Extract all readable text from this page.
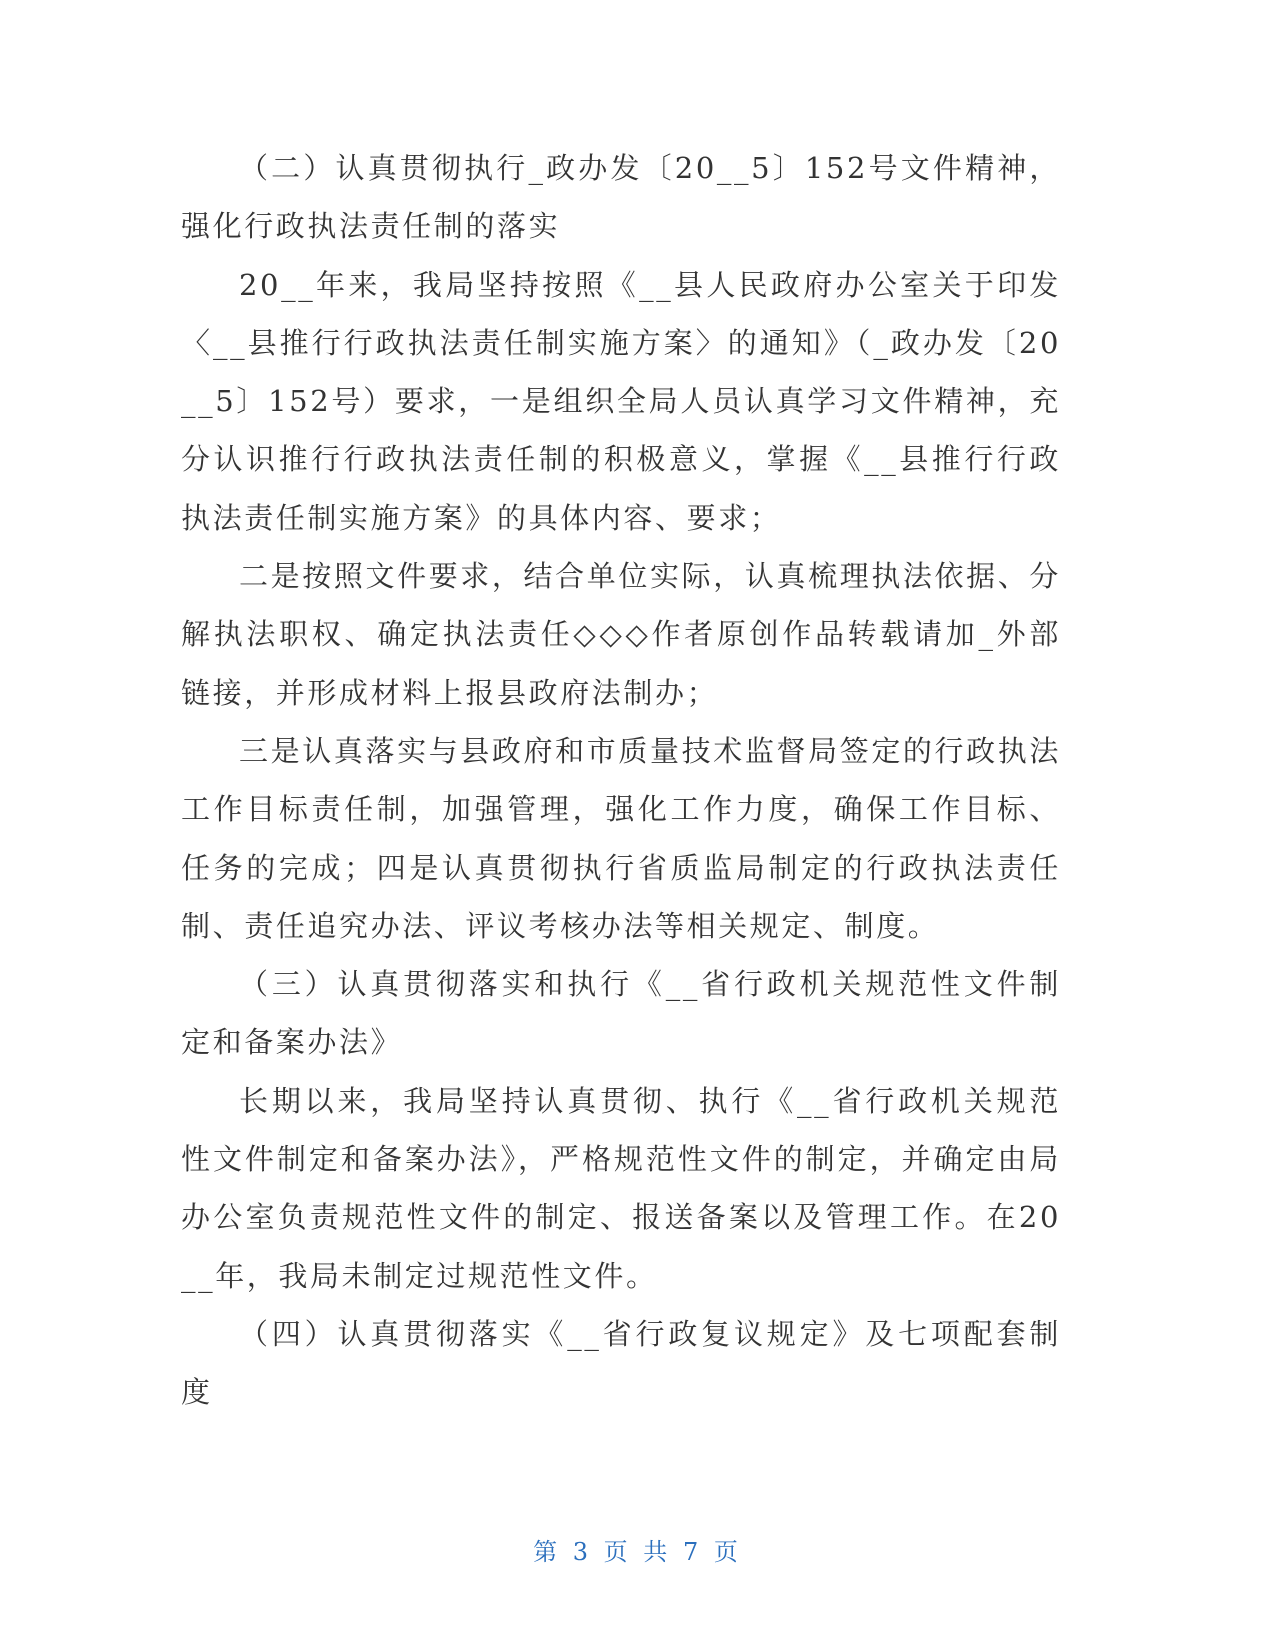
（二）认真贯彻执行_政办发〔20__5〕152号文件精神，强化行政执法责任制的落实

20__年来，我局坚持按照《__县人民政府办公室关于印发〈__县推行行政执法责任制实施方案〉的通知》（_政办发〔20__5〕152号）要求，一是组织全局人员认真学习文件精神，充分认识推行行政执法责任制的积极意义，掌握《__县推行行政执法责任制实施方案》的具体内容、要求；

二是按照文件要求，结合单位实际，认真梳理执法依据、分解执法职权、确定执法责任◇◇◇作者原创作品转载请加_外部链接，并形成材料上报县政府法制办；

三是认真落实与县政府和市质量技术监督局签定的行政执法工作目标责任制，加强管理，强化工作力度，确保工作目标、任务的完成；四是认真贯彻执行省质监局制定的行政执法责任制、责任追究办法、评议考核办法等相关规定、制度。

（三）认真贯彻落实和执行《__省行政机关规范性文件制定和备案办法》

长期以来，我局坚持认真贯彻、执行《__省行政机关规范性文件制定和备案办法》，严格规范性文件的制定，并确定由局办公室负责规范性文件的制定、报送备案以及管理工作。在20__年，我局未制定过规范性文件。

（四）认真贯彻落实《__省行政复议规定》及七项配套制度

第 3 页 共 7 页
